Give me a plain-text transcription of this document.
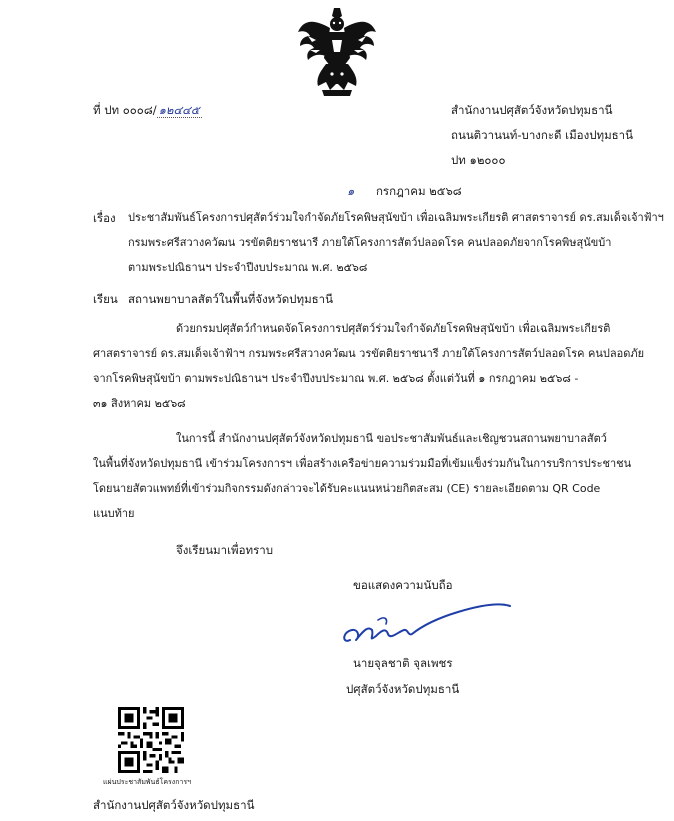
ที่ ปท ๐๐๐๘/ ๑๒๔๔๕	สำนักงานปศุสัตว์จังหวัดปทุมธานี
ถนนติวานนท์-บางกะดี เมืองปทุมธานี
ปท ๑๒๐๐๐
๑ กรกฎาคม ๒๕๖๘
เรื่อง ประชาสัมพันธ์โครงการปศุสัตว์ร่วมใจกำจัดภัยโรคพิษสุนัขบ้า เพื่อเฉลิมพระเกียรติ ศาสตราจารย์ ดร.สมเด็จเจ้าฟ้าฯ
กรมพระศรีสวางควัฒน วรขัตติยราชนารี ภายใต้โครงการสัตว์ปลอดโรค คนปลอดภัยจากโรคพิษสุนัขบ้า
ตามพระปณิธานฯ ประจำปีงบประมาณ พ.ศ. ๒๕๖๘
เรียน สถานพยาบาลสัตว์ในพื้นที่จังหวัดปทุมธานี
ด้วยกรมปศุสัตว์กำหนดจัดโครงการปศุสัตว์ร่วมใจกำจัดภัยโรคพิษสุนัขบ้า เพื่อเฉลิมพระเกียรติ
ศาสตราจารย์ ดร.สมเด็จเจ้าฟ้าฯ กรมพระศรีสวางควัฒน วรขัตติยราชนารี ภายใต้โครงการสัตว์ปลอดโรค คนปลอดภัย
จากโรคพิษสุนัขบ้า ตามพระปณิธานฯ ประจำปีงบประมาณ พ.ศ. ๒๕๖๘ ตั้งแต่วันที่ ๑ กรกฎาคม ๒๕๖๘ -
๓๑ สิงหาคม ๒๕๖๘
ในการนี้ สำนักงานปศุสัตว์จังหวัดปทุมธานี ขอประชาสัมพันธ์และเชิญชวนสถานพยาบาลสัตว์
ในพื้นที่จังหวัดปทุมธานี เข้าร่วมโครงการฯ เพื่อสร้างเครือข่ายความร่วมมือที่เข้มแข็งร่วมกันในการบริการประชาชน
โดยนายสัตวแพทย์ที่เข้าร่วมกิจกรรมดังกล่าวจะได้รับคะแนนหน่วยกิตสะสม (CE) รายละเอียดตาม QR Code
แนบท้าย
จึงเรียนมาเพื่อทราบ
ขอแสดงความนับถือ
นายจุลชาติ จุลเพชร
ปศุสัตว์จังหวัดปทุมธานี
แผ่นประชาสัมพันธ์โครงการฯ
สำนักงานปศุสัตว์จังหวัดปทุมธานี
